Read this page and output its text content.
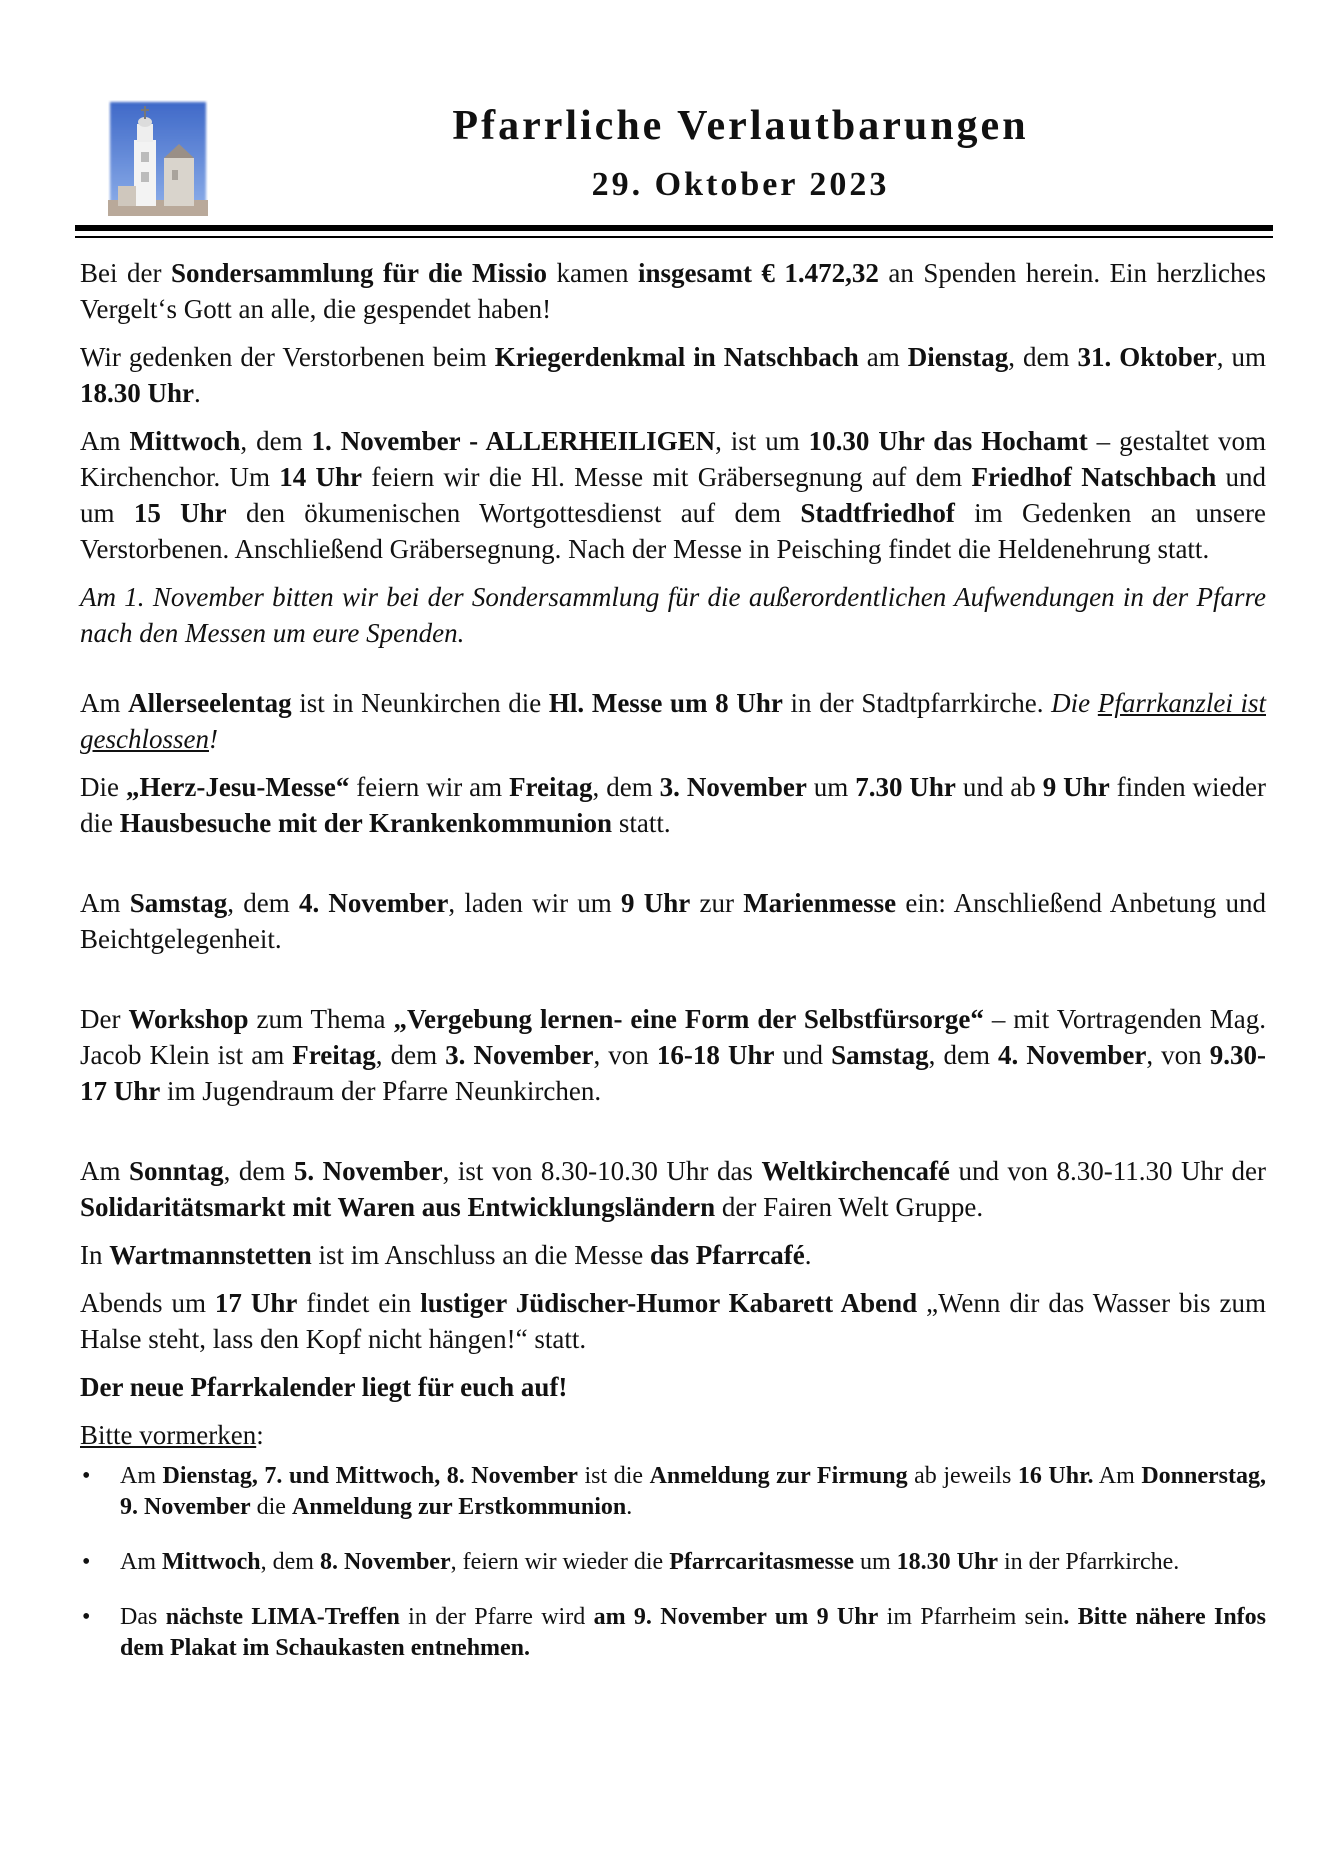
Pfarrliche Verlautbarungen
29. Oktober 2023

Bei der Sondersammlung für die Missio kamen insgesamt € 1.472,32 an Spenden herein. Ein herzliches Vergelt‘s Gott an alle, die gespendet haben!

Wir gedenken der Verstorbenen beim Kriegerdenkmal in Natschbach am Dienstag, dem 31. Oktober, um 18.30 Uhr.

Am Mittwoch, dem 1. November - ALLERHEILIGEN, ist um 10.30 Uhr das Hochamt – gestaltet vom Kirchenchor. Um 14 Uhr feiern wir die Hl. Messe mit Gräbersegnung auf dem Friedhof Natschbach und um 15 Uhr den ökumenischen Wortgottesdienst auf dem Stadtfriedhof im Gedenken an unsere Verstorbenen. Anschließend Gräbersegnung. Nach der Messe in Peisching findet die Heldenehrung statt.

Am 1. November bitten wir bei der Sondersammlung für die außerordentlichen Aufwendungen in der Pfarre nach den Messen um eure Spenden.

Am Allerseelentag ist in Neunkirchen die Hl. Messe um 8 Uhr in der Stadtpfarrkirche. Die Pfarrkanzlei ist geschlossen!

Die „Herz-Jesu-Messe“ feiern wir am Freitag, dem 3. November um 7.30 Uhr und ab 9 Uhr finden wieder die Hausbesuche mit der Krankenkommunion statt.

Am Samstag, dem 4. November, laden wir um 9 Uhr zur Marienmesse ein: Anschließend Anbetung und Beichtgelegenheit.

Der Workshop zum Thema „Vergebung lernen- eine Form der Selbstfürsorge“ – mit Vortragenden Mag. Jacob Klein ist am Freitag, dem 3. November, von 16-18 Uhr und Samstag, dem 4. November, von 9.30-17 Uhr im Jugendraum der Pfarre Neunkirchen.

Am Sonntag, dem 5. November, ist von 8.30-10.30 Uhr das Weltkirchencafé und von 8.30-11.30 Uhr der Solidaritätsmarkt mit Waren aus Entwicklungsländern der Fairen Welt Gruppe.

In Wartmannstetten ist im Anschluss an die Messe das Pfarrcafé.

Abends um 17 Uhr findet ein lustiger Jüdischer-Humor Kabarett Abend „Wenn dir das Wasser bis zum Halse steht, lass den Kopf nicht hängen!“ statt.

Der neue Pfarrkalender liegt für euch auf!

Bitte vormerken:

• Am Dienstag, 7. und Mittwoch, 8. November ist die Anmeldung zur Firmung ab jeweils 16 Uhr. Am Donnerstag, 9. November die Anmeldung zur Erstkommunion.
• Am Mittwoch, dem 8. November, feiern wir wieder die Pfarrcaritasmesse um 18.30 Uhr in der Pfarrkirche.
• Das nächste LIMA-Treffen in der Pfarre wird am 9. November um 9 Uhr im Pfarrheim sein. Bitte nähere Infos dem Plakat im Schaukasten entnehmen.
